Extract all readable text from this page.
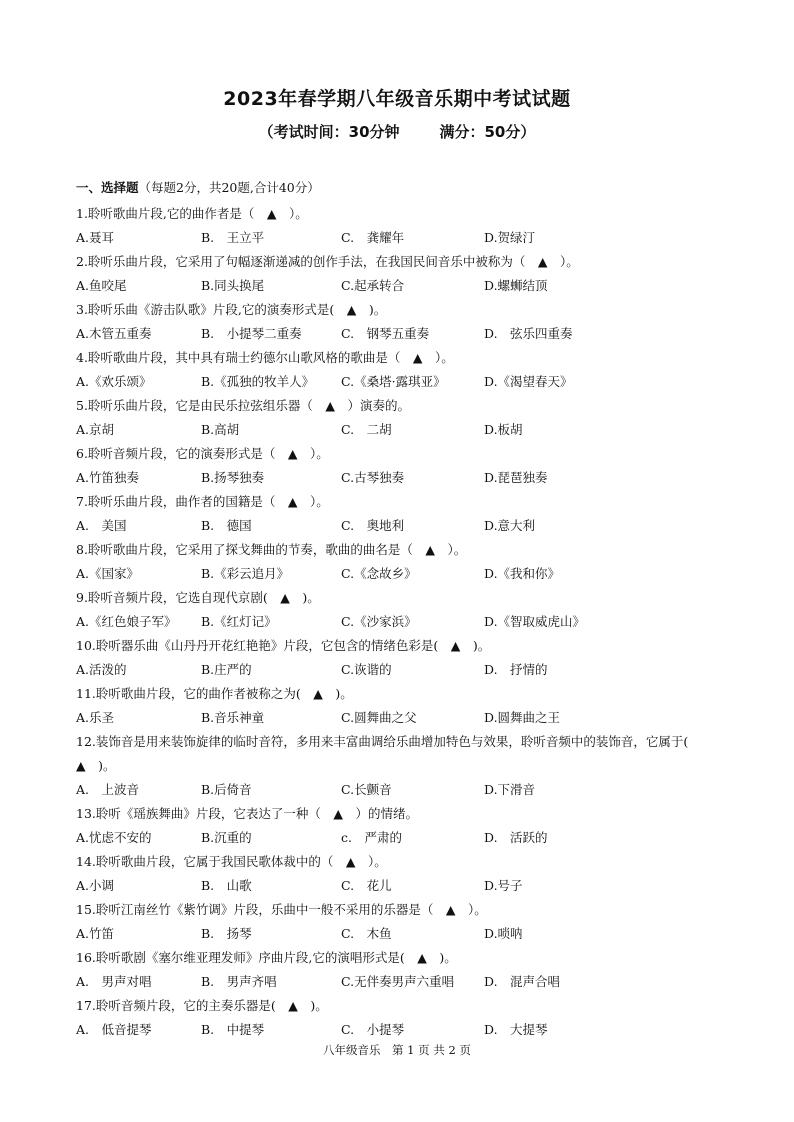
2023年春学期八年级音乐期中考试试题
（考试时间：30分钟	满分：50分）
一、选择题（每题2分，共20题,合计40分）
1.聆听歌曲片段,它的曲作者是（　▲　）。
A.聂耳	B.　王立平	C.　龚耀年	D.贺绿汀
2.聆听乐曲片段，它采用了句幅逐渐递减的创作手法，在我国民间音乐中被称为（　▲　）。
A.鱼咬尾	B.同头换尾	C.起承转合	D.螺蛳结顶
3.聆听乐曲《游击队歌》片段,它的演奏形式是(　▲　)。
A.木管五重奏	B.　小提琴二重奏	C.　钢琴五重奏	D.　弦乐四重奏
4.聆听歌曲片段，其中具有瑞士约德尔山歌风格的歌曲是（　▲　）。
A.《欢乐颂》	B.《孤独的牧羊人》 C.《桑塔·露琪亚》	D.《渴望春天》
5.聆听乐曲片段，它是由民乐拉弦组乐器（　▲　）演奏的。
A.京胡	B.高胡	C.　二胡	D.板胡
6.聆听音频片段，它的演奏形式是（　▲　）。
A.竹笛独奏	B.扬琴独奏	C.古琴独奏	D.琵琶独奏
7.聆听乐曲片段，曲作者的国籍是（　▲　）。
A.　美国	B.　德国	C.　奥地利	D.意大利
8.聆听歌曲片段，它采用了探戈舞曲的节奏，歌曲的曲名是（　▲　）。
A.《国家》	B.《彩云追月》	C.《念故乡》	D.《我和你》
9.聆听音频片段，它选自现代京剧(　▲　)。
A.《红色娘子军》 B.《红灯记》	C.《沙家浜》	D.《智取威虎山》
10.聆听器乐曲《山丹丹开花红艳艳》片段，它包含的情绪色彩是(　▲　)。
A.活泼的	B.庄严的	C.诙谐的	D.　抒情的
11.聆听歌曲片段，它的曲作者被称之为(　▲　)。
A.乐圣	B.音乐神童	C.圆舞曲之父	D.圆舞曲之王
12.装饰音是用来装饰旋律的临时音符，多用来丰富曲调给乐曲增加特色与效果，聆听音频中的装饰音，它属于(　▲　)。
A.　上波音	B.后倚音	C.长颤音	D.下滑音
13.聆听《瑶族舞曲》片段，它表达了一种（　▲　）的情绪。
A.忧虑不安的	B.沉重的	c.　严肃的	D.　活跃的
14.聆听歌曲片段，它属于我国民歌体裁中的（　▲　）。
A.小调	B.　山歌	C.　花儿	D.号子
15.聆听江南丝竹《紫竹调》片段，乐曲中一般不采用的乐器是（　▲　）。
A.竹笛	B.　扬琴	C.　木鱼	D.唢呐
16.聆听歌剧《塞尔维亚理发师》序曲片段,它的演唱形式是(　▲　)。
A.　男声对唱	B.　男声齐唱	C.无伴奏男声六重唱 D.　混声合唱
17.聆听音频片段，它的主奏乐器是(　▲　)。
A.　低音提琴	B.　中提琴	C.　小提琴	D.　大提琴
八年级音乐　第 1 页 共 2 页
